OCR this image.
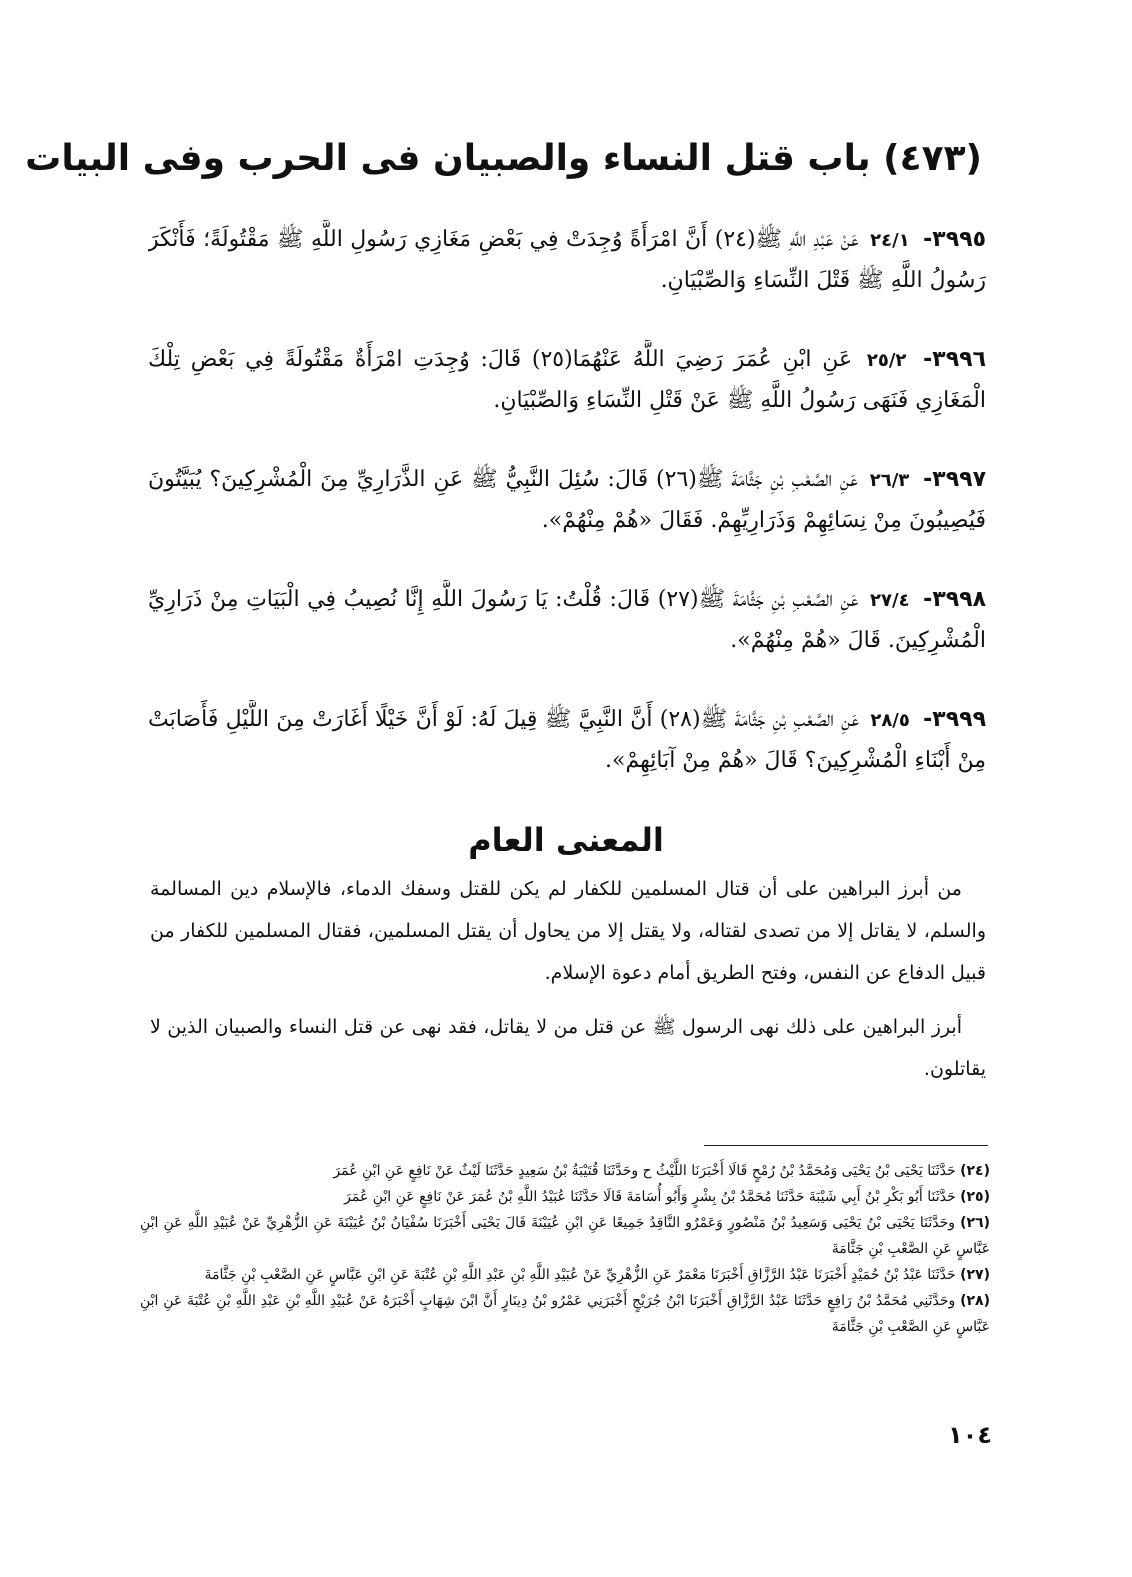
(٤٧٣) باب قتل النساء والصبيان فى الحرب وفى البيات

٣٩٩٥- ٢٤/١ عَنْ عَبْدِ اللَّهِ ﷺ(٢٤) أَنَّ امْرَأَةً وُجِدَتْ فِي بَعْضِ مَغَازِي رَسُولِ اللَّهِ ﷺ مَقْتُولَةً؛ فَأَنْكَرَ رَسُولُ اللَّهِ ﷺ قَتْلَ النِّسَاءِ وَالصِّبْيَانِ.

٣٩٩٦- ٢٥/٢ عَنِ ابْنِ عُمَرَ رَضِيَ اللَّهُ عَنْهُمَا(٢٥) قَالَ: وُجِدَتِ امْرَأَةٌ مَقْتُولَةً فِي بَعْضِ تِلْكَ الْمَغَازِي فَنَهَى رَسُولُ اللَّهِ ﷺ عَنْ قَتْلِ النِّسَاءِ وَالصِّبْيَانِ.

٣٩٩٧- ٢٦/٣ عَنِ الصَّعْبِ بْنِ جَثَّامَةَ ﷺ(٢٦) قَالَ: سُئِلَ النَّبِيُّ ﷺ عَنِ الذَّرَارِيِّ مِنَ الْمُشْرِكِينَ؟ يُبَيَّتُونَ فَيُصِيبُونَ مِنْ نِسَائِهِمْ وَذَرَارِيِّهِمْ. فَقَالَ «هُمْ مِنْهُمْ».

٣٩٩٨- ٢٧/٤ عَنِ الصَّعْبِ بْنِ جَثَّامَةَ ﷺ(٢٧) قَالَ: قُلْتُ: يَا رَسُولَ اللَّهِ إِنَّا نُصِيبُ فِي الْبَيَاتِ مِنْ ذَرَارِيِّ الْمُشْرِكِينَ. قَالَ «هُمْ مِنْهُمْ».

٣٩٩٩- ٢٨/٥ عَنِ الصَّعْبِ بْنِ جَثَّامَةَ ﷺ(٢٨) أَنَّ النَّبِيَّ ﷺ قِيلَ لَهُ: لَوْ أَنَّ خَيْلًا أَغَارَتْ مِنَ اللَّيْلِ فَأَصَابَتْ مِنْ أَبْنَاءِ الْمُشْرِكِينَ؟ قَالَ «هُمْ مِنْ آبَائِهِمْ».

المعنى العام

من أبرز البراهين على أن قتال المسلمين للكفار لم يكن للقتل وسفك الدماء، فالإسلام دين المسالمة والسلم، لا يقاتل إلا من تصدى لقتاله، ولا يقتل إلا من يحاول أن يقتل المسلمين، فقتال المسلمين للكفار من قبيل الدفاع عن النفس، وفتح الطريق أمام دعوة الإسلام.

أبرز البراهين على ذلك نهى الرسول ﷺ عن قتل من لا يقاتل، فقد نهى عن قتل النساء والصبيان الذين لا يقاتلون.

(٢٤) حَدَّثَنَا يَحْيَى بْنُ يَحْيَى وَمُحَمَّدُ بْنُ رُمْحٍ قَالَا أَخْبَرَنَا اللَّيْثُ ح وحَدَّثَنَا قُتَيْبَةُ بْنُ سَعِيدٍ حَدَّثَنَا لَيْثٌ عَنْ نَافِعٍ عَنِ ابْنِ عُمَرَ

(٢٥) حَدَّثَنَا أَبُو بَكْرِ بْنُ أَبِي شَيْبَةَ حَدَّثَنَا مُحَمَّدُ بْنُ بِشْرٍ وَأَبُو أُسَامَةَ قَالَا حَدَّثَنَا عُبَيْدُ اللَّهِ بْنُ عُمَرَ عَنْ نَافِعٍ عَنِ ابْنِ عُمَرَ

(٢٦) وحَدَّثَنَا يَحْيَى بْنُ يَحْيَى وَسَعِيدُ بْنُ مَنْصُورٍ وَعَمْرٌو النَّاقِدُ جَمِيعًا عَنِ ابْنِ عُيَيْنَةَ قَالَ يَحْيَى أَخْبَرَنَا سُفْيَانُ بْنُ عُيَيْنَةَ عَنِ الزُّهْرِيِّ عَنْ عُبَيْدِ اللَّهِ عَنِ ابْنِ عَبَّاسٍ عَنِ الصَّعْبِ بْنِ جَثَّامَةَ

(٢٧) حَدَّثَنَا عَبْدُ بْنُ حُمَيْدٍ أَخْبَرَنَا عَبْدُ الرَّزَّاقِ أَخْبَرَنَا مَعْمَرٌ عَنِ الزُّهْرِيِّ عَنْ عُبَيْدِ اللَّهِ بْنِ عَبْدِ اللَّهِ بْنِ عُتْبَةَ عَنِ ابْنِ عَبَّاسٍ عَنِ الصَّعْبِ بْنِ جَثَّامَةَ

(٢٨) وحَدَّثَنِي مُحَمَّدُ بْنُ رَافِعٍ حَدَّثَنَا عَبْدُ الرَّزَّاقِ أَخْبَرَنَا ابْنُ جُرَيْجٍ أَخْبَرَنِي عَمْرُو بْنُ دِينَارٍ أَنَّ ابْنَ شِهَابٍ أَخْبَرَهُ عَنْ عُبَيْدِ اللَّهِ بْنِ عَبْدِ اللَّهِ بْنِ عُتْبَةَ عَنِ ابْنِ عَبَّاسٍ عَنِ الصَّعْبِ بْنِ جَثَّامَةَ

١٠٤
